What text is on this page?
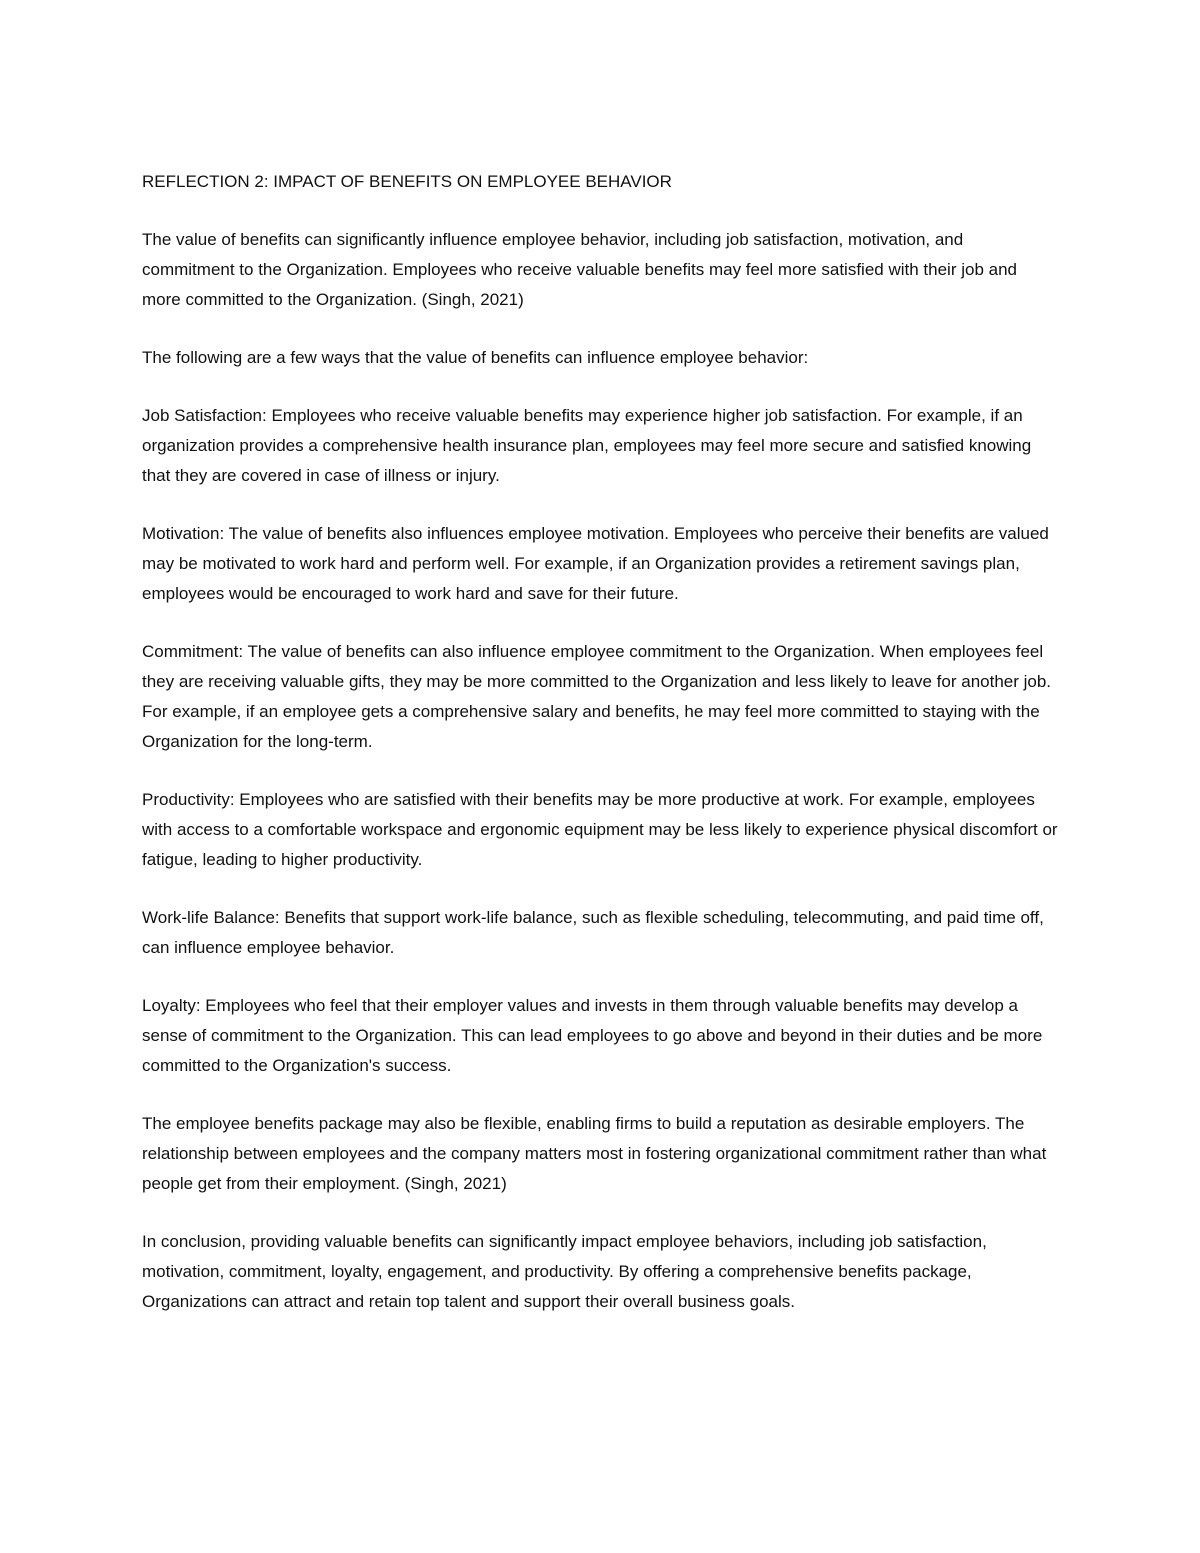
REFLECTION 2: IMPACT OF BENEFITS ON EMPLOYEE BEHAVIOR

The value of benefits can significantly influence employee behavior, including job satisfaction, motivation, and commitment to the Organization. Employees who receive valuable benefits may feel more satisfied with their job and more committed to the Organization. (Singh, 2021)

The following are a few ways that the value of benefits can influence employee behavior:

Job Satisfaction: Employees who receive valuable benefits may experience higher job satisfaction. For example, if an organization provides a comprehensive health insurance plan, employees may feel more secure and satisfied knowing that they are covered in case of illness or injury.

Motivation: The value of benefits also influences employee motivation. Employees who perceive their benefits are valued may be motivated to work hard and perform well. For example, if an Organization provides a retirement savings plan, employees would be encouraged to work hard and save for their future.

Commitment: The value of benefits can also influence employee commitment to the Organization. When employees feel they are receiving valuable gifts, they may be more committed to the Organization and less likely to leave for another job. For example, if an employee gets a comprehensive salary and benefits, he may feel more committed to staying with the Organization for the long-term.

Productivity: Employees who are satisfied with their benefits may be more productive at work. For example, employees with access to a comfortable workspace and ergonomic equipment may be less likely to experience physical discomfort or fatigue, leading to higher productivity.

Work-life Balance: Benefits that support work-life balance, such as flexible scheduling, telecommuting, and paid time off, can influence employee behavior.

Loyalty: Employees who feel that their employer values and invests in them through valuable benefits may develop a sense of commitment to the Organization. This can lead employees to go above and beyond in their duties and be more committed to the Organization's success.

The employee benefits package may also be flexible, enabling firms to build a reputation as desirable employers. The relationship between employees and the company matters most in fostering organizational commitment rather than what people get from their employment. (Singh, 2021)

In conclusion, providing valuable benefits can significantly impact employee behaviors, including job satisfaction, motivation, commitment, loyalty, engagement, and productivity. By offering a comprehensive benefits package, Organizations can attract and retain top talent and support their overall business goals.
